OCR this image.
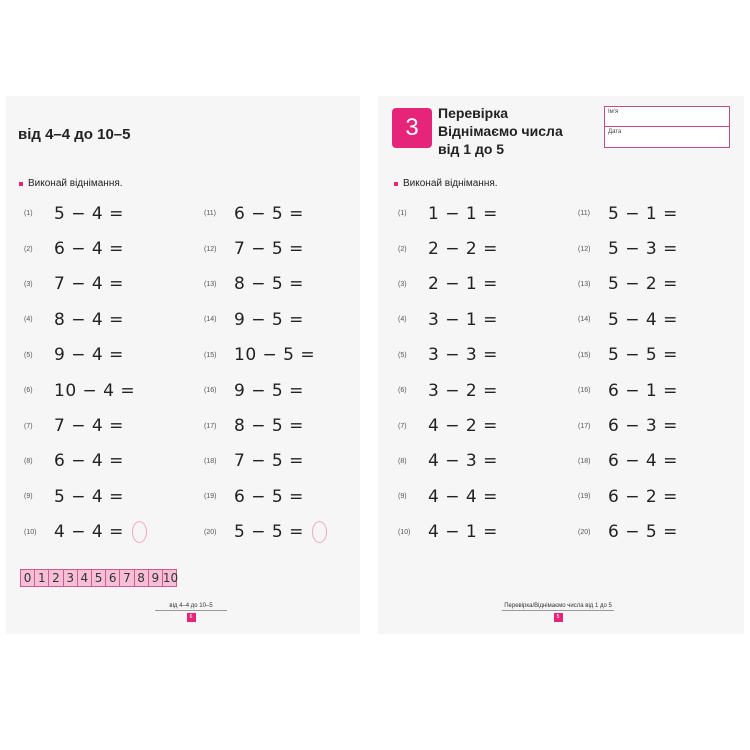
від 4–4 до 10–5
Виконай віднімання.
(1)	5 − 4 =
(2)	6 − 4 =
(3)	7 − 4 =
(4)	8 − 4 =
(5)	9 − 4 =
(6)	10 − 4 =
(7)	7 − 4 =
(8)	6 − 4 =
(9)	5 − 4 =
(10)	4 − 4 =
(11)	6 − 5 =
(12)	7 − 5 =
(13)	8 − 5 =
(14)	9 − 5 =
(15)	10 − 5 =
(16)	9 − 5 =
(17)	8 − 5 =
(18)	7 − 5 =
(19)	6 − 5 =
(20)	5 − 5 =
0 1 2 3 4 5 6 7 8 9 10
від 4–4 до 10–5
6
3
Перевірка
Віднімаємо числа
від 1 до 5
Ім'я
Дата
Виконай віднімання.
(1)	1 − 1 =
(2)	2 − 2 =
(3)	2 − 1 =
(4)	3 − 1 =
(5)	3 − 3 =
(6)	3 − 2 =
(7)	4 − 2 =
(8)	4 − 3 =
(9)	4 − 4 =
(10)	4 − 1 =
(11)	5 − 1 =
(12)	5 − 3 =
(13)	5 − 2 =
(14)	5 − 4 =
(15)	5 − 5 =
(16)	6 − 1 =
(17)	6 − 3 =
(18)	6 − 4 =
(19)	6 − 2 =
(20)	6 − 5 =
Перевірка/Віднімаємо числа від 1 до 5
5
